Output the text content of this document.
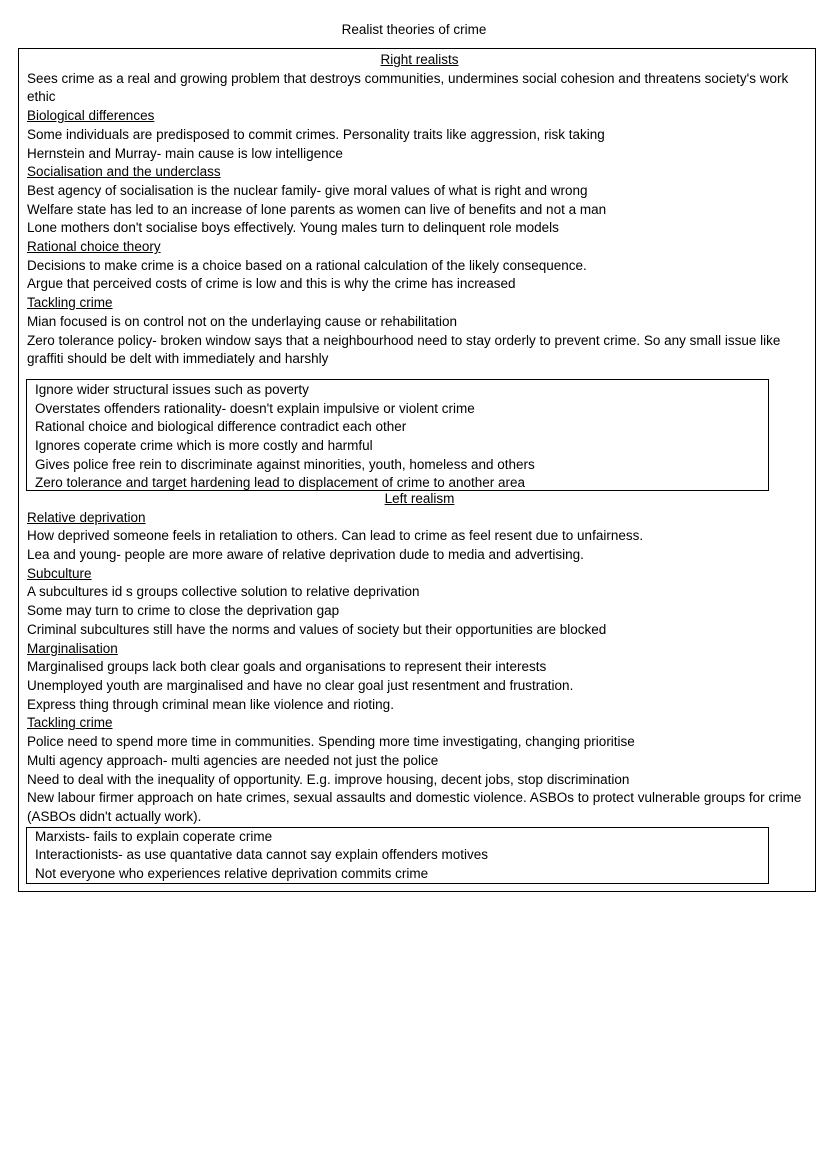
Realist theories of crime
Right realists
Sees crime as a real and growing problem that destroys communities, undermines social cohesion and threatens society's work ethic
Biological differences
Some individuals are predisposed to commit crimes. Personality traits like aggression, risk taking
Hernstein and Murray- main cause is low intelligence
Socialisation and the underclass
Best agency of socialisation is the nuclear family- give moral values of what is right and wrong
Welfare state has led to an increase of lone parents as women can live of benefits and not a man
Lone mothers don't socialise boys effectively. Young males turn to delinquent role models
Rational choice theory
Decisions to make crime is a choice based on a rational calculation of the likely consequence.
Argue that perceived costs of crime is low and this is why the crime has increased
Tackling crime
Mian focused is on control not on the underlaying cause or rehabilitation
Zero tolerance policy- broken window says that a neighbourhood need to stay orderly to prevent crime. So any small issue like graffiti should be delt with immediately and harshly
Ignore wider structural issues such as poverty
Overstates offenders rationality- doesn't explain impulsive or violent crime
Rational choice and biological difference contradict each other
Ignores coperate crime which is more costly and harmful
Gives police free rein to discriminate against minorities, youth, homeless and others
Zero tolerance and target hardening lead to displacement of crime to another area
Left realism
Relative deprivation
How deprived someone feels in retaliation to others. Can lead to crime as feel resent due to unfairness.
Lea and young- people are more aware of relative deprivation dude to media and advertising.
Subculture
A subcultures id s groups collective solution to relative deprivation
Some may turn to crime to close the deprivation gap
Criminal subcultures still have the norms and values of society but their opportunities are blocked
Marginalisation
Marginalised groups lack both clear goals and organisations to represent their interests
Unemployed youth are marginalised and have no clear goal just resentment and frustration.
Express thing through criminal mean like violence and rioting.
Tackling crime
Police need to spend more time in communities. Spending more time investigating, changing prioritise
Multi agency approach- multi agencies are needed not just the police
Need to deal with the inequality of opportunity. E.g. improve housing, decent jobs, stop discrimination
New labour firmer approach on hate crimes, sexual assaults and domestic violence. ASBOs to protect vulnerable groups for crime (ASBOs didn't actually work).
Marxists- fails to explain coperate crime
Interactionists- as use quantative data cannot say explain offenders motives
Not everyone who experiences relative deprivation commits crime
